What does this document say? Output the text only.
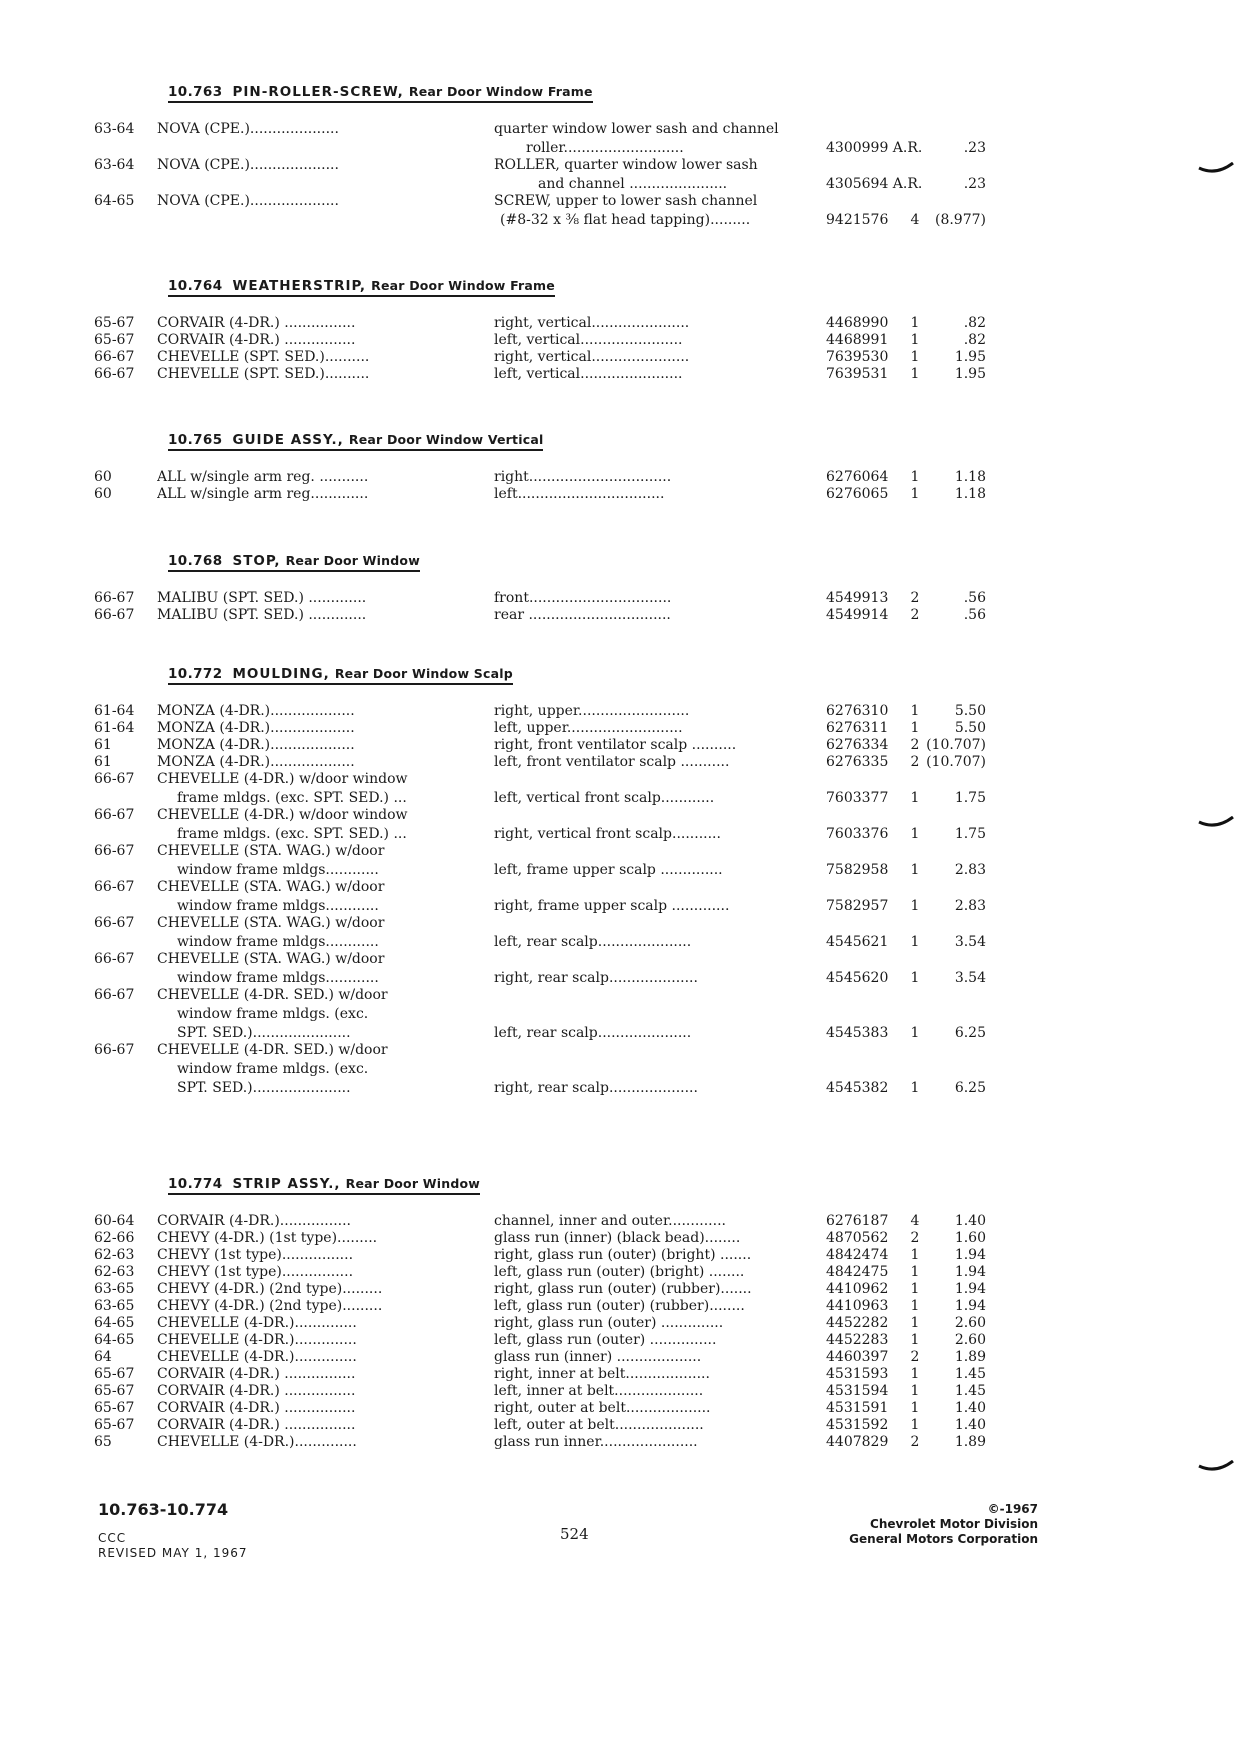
10.763 PIN-ROLLER-SCREW, Rear Door Window Frame
63-64 NOVA (CPE.)....................	quarter window lower sash and channel
roller...........................	4300999 A.R.	.23
63-64 NOVA (CPE.)....................	ROLLER, quarter window lower sash
and channel ......................	4305694 A.R.	.23
64-65 NOVA (CPE.)....................	SCREW, upper to lower sash channel
(#8-32 x ⅜ flat head tapping).........	9421576 4	(8.977)
10.764 WEATHERSTRIP, Rear Door Window Frame
65-67 CORVAIR (4-DR.) ................	right, vertical......................	4468990 1	.82
65-67 CORVAIR (4-DR.) ................	left, vertical.......................	4468991 1	.82
66-67 CHEVELLE (SPT. SED.)..........	right, vertical......................	7639530 1	1.95
66-67 CHEVELLE (SPT. SED.)..........	left, vertical.......................	7639531 1	1.95
10.765 GUIDE ASSY., Rear Door Window Vertical
60	ALL w/single arm reg. ...........	right................................	6276064 1	1.18
60	ALL w/single arm reg.............	left.................................	6276065 1	1.18
10.768 STOP, Rear Door Window
66-67 MALIBU (SPT. SED.) .............	front................................	4549913 2	.56
66-67 MALIBU (SPT. SED.) .............	rear ................................	4549914 2	.56
10.772 MOULDING, Rear Door Window Scalp
61-64 MONZA (4-DR.)...................	right, upper.........................	6276310 1	5.50
61-64 MONZA (4-DR.)...................	left, upper..........................	6276311 1	5.50
61	MONZA (4-DR.)...................	right, front ventilator scalp ..........	6276334 2 (10.707)
61	MONZA (4-DR.)...................	left, front ventilator scalp ...........	6276335 2 (10.707)
66-67 CHEVELLE (4-DR.) w/door window
frame mldgs. (exc. SPT. SED.) ...	left, vertical front scalp............	7603377 1	1.75
66-67 CHEVELLE (4-DR.) w/door window
frame mldgs. (exc. SPT. SED.) ...	right, vertical front scalp...........	7603376 1	1.75
66-67 CHEVELLE (STA. WAG.) w/door
window frame mldgs............	left, frame upper scalp ..............	7582958 1	2.83
66-67 CHEVELLE (STA. WAG.) w/door
window frame mldgs............	right, frame upper scalp .............	7582957 1	2.83
66-67 CHEVELLE (STA. WAG.) w/door
window frame mldgs............	left, rear scalp.....................	4545621 1	3.54
66-67 CHEVELLE (STA. WAG.) w/door
window frame mldgs............	right, rear scalp....................	4545620 1	3.54
66-67 CHEVELLE (4-DR. SED.) w/door
window frame mldgs. (exc.
SPT. SED.)......................	left, rear scalp.....................	4545383 1	6.25
66-67 CHEVELLE (4-DR. SED.) w/door
window frame mldgs. (exc.
SPT. SED.)......................	right, rear scalp....................	4545382 1	6.25
10.774 STRIP ASSY., Rear Door Window
60-64 CORVAIR (4-DR.)................	channel, inner and outer.............	6276187 4	1.40
62-66 CHEVY (4-DR.) (1st type).........	glass run (inner) (black bead)........	4870562 2	1.60
62-63 CHEVY (1st type)................	right, glass run (outer) (bright) .......	4842474 1	1.94
62-63 CHEVY (1st type)................	left, glass run (outer) (bright) ........	4842475 1	1.94
63-65 CHEVY (4-DR.) (2nd type).........	right, glass run (outer) (rubber).......	4410962 1	1.94
63-65 CHEVY (4-DR.) (2nd type).........	left, glass run (outer) (rubber)........	4410963 1	1.94
64-65 CHEVELLE (4-DR.)..............	right, glass run (outer) ..............	4452282 1	2.60
64-65 CHEVELLE (4-DR.)..............	left, glass run (outer) ...............	4452283 1	2.60
64	CHEVELLE (4-DR.)..............	glass run (inner) ...................	4460397 2	1.89
65-67 CORVAIR (4-DR.) ................	right, inner at belt...................	4531593 1	1.45
65-67 CORVAIR (4-DR.) ................	left, inner at belt....................	4531594 1	1.45
65-67 CORVAIR (4-DR.) ................	right, outer at belt...................	4531591 1	1.40
65-67 CORVAIR (4-DR.) ................	left, outer at belt....................	4531592 1	1.40
65	CHEVELLE (4-DR.)..............	glass run inner......................	4407829 2	1.89
10.763-10.774
CCC
REVISED MAY 1, 1967
524
©-1967
Chevrolet Motor Division
General Motors Corporation
